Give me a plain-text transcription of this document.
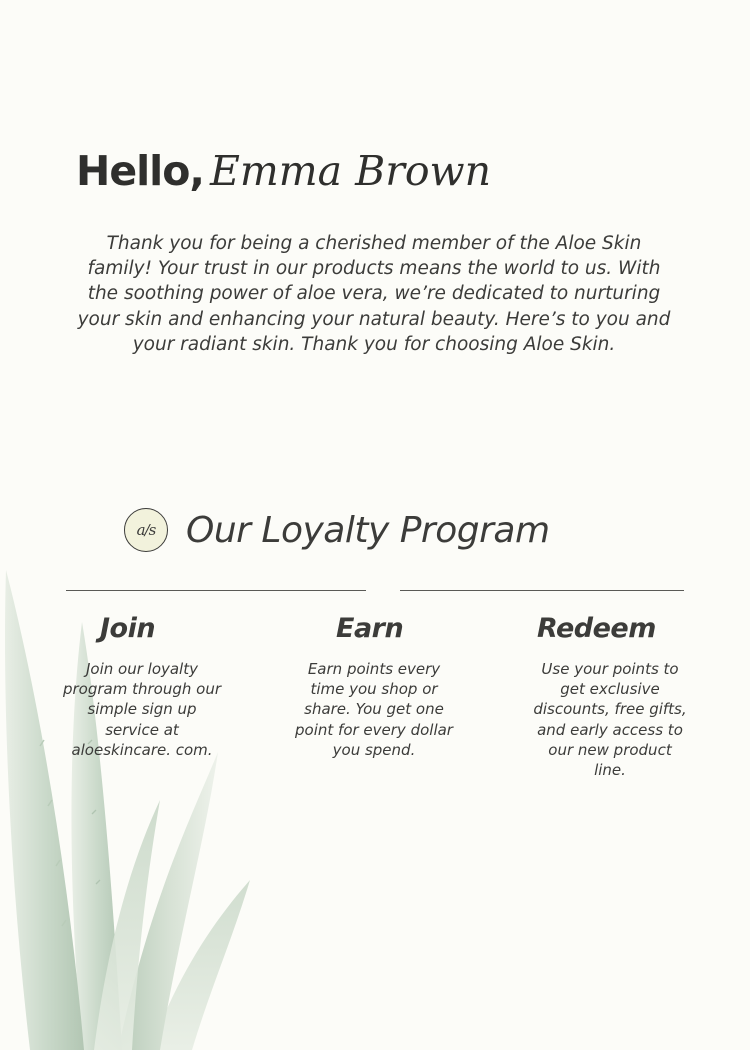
Hello, Emma Brown

Thank you for being a cherished member of the Aloe Skin family! Your trust in our products means the world to us. With the soothing power of aloe vera, we’re dedicated to nurturing your skin and enhancing your natural beauty. Here’s to you and your radiant skin. Thank you for choosing Aloe Skin.

a/s Our Loyalty Program
Join

Join our loyalty program through our simple sign up service at aloeskincare. com.

Earn

Earn points every time you shop or share. You get one point for every dollar you spend.

Redeem

Use your points to get exclusive discounts, free gifts, and early access to our new product line.
